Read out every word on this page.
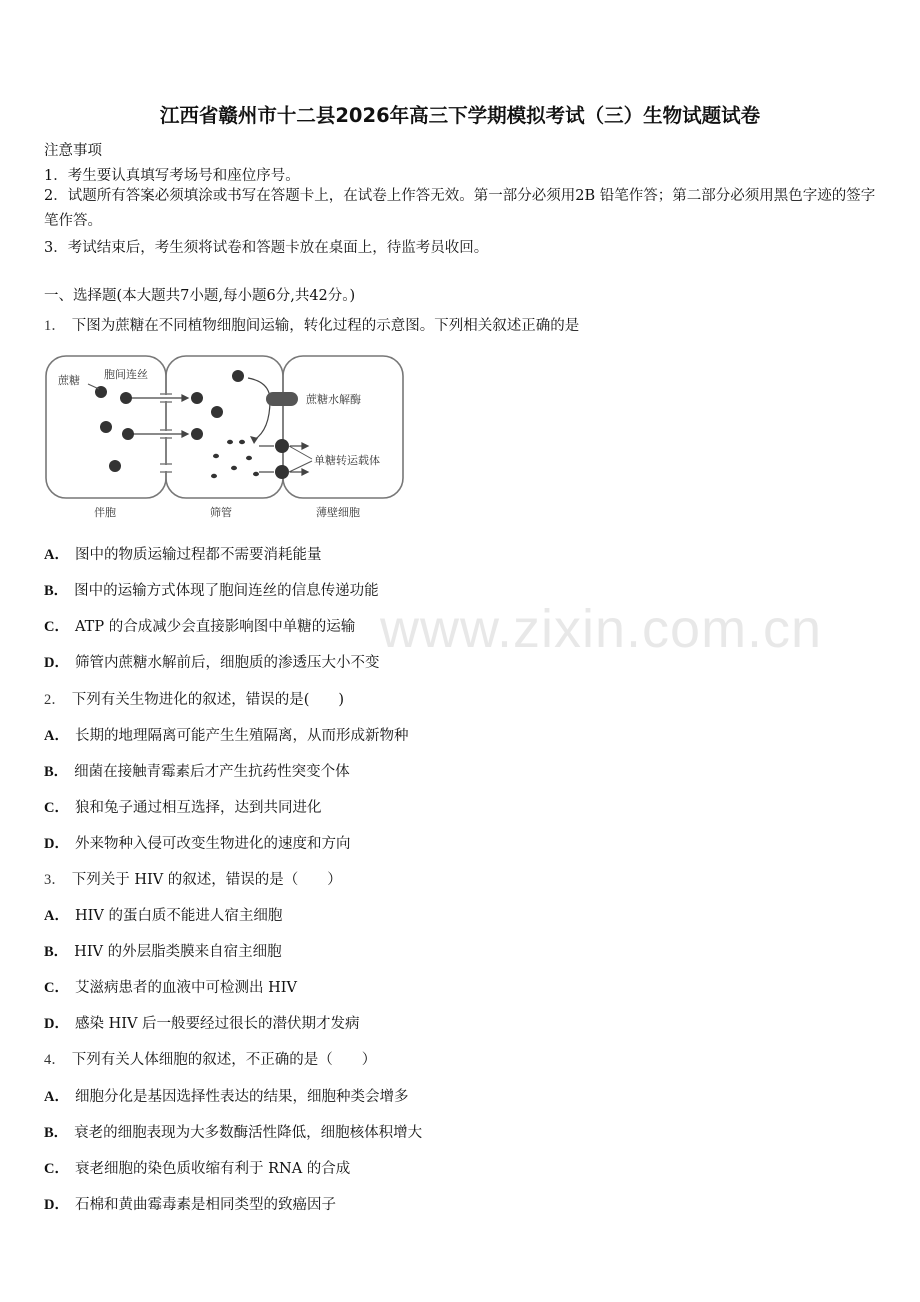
江西省赣州市十二县2026年高三下学期模拟考试（三）生物试题试卷
注意事项
1．考生要认真填写考场号和座位序号。
2．试题所有答案必须填涂或书写在答题卡上，在试卷上作答无效。第一部分必须用2B 铅笔作答；第二部分必须用黑色字迹的签字笔作答。
3．考试结束后，考生须将试卷和答题卡放在桌面上，待监考员收回。
一、选择题(本大题共7小题,每小题6分,共42分。)
1． 下图为蔗糖在不同植物细胞间运输，转化过程的示意图。下列相关叙述正确的是
蔗糖 胞间连丝
蔗糖水解酶
单糖转运载体
伴胞	筛管	薄壁细胞
A． 图中的物质运输过程都不需要消耗能量
B． 图中的运输方式体现了胞间连丝的信息传递功能
C． ATP 的合成减少会直接影响图中单糖的运输
D． 筛管内蔗糖水解前后，细胞质的渗透压大小不变
2． 下列有关生物进化的叙述，错误的是(　　)
A． 长期的地理隔离可能产生生殖隔离，从而形成新物种
B． 细菌在接触青霉素后才产生抗药性突变个体
C． 狼和兔子通过相互选择，达到共同进化
D． 外来物种入侵可改变生物进化的速度和方向
3． 下列关于 HIV 的叙述，错误的是（　　）
A． HIV 的蛋白质不能进人宿主细胞
B． HIV 的外层脂类膜来自宿主细胞
C． 艾滋病患者的血液中可检测出 HIV
D． 感染 HIV 后一般要经过很长的潜伏期才发病
4． 下列有关人体细胞的叙述，不正确的是（　　）
A． 细胞分化是基因选择性表达的结果，细胞种类会增多
B． 衰老的细胞表现为大多数酶活性降低，细胞核体积增大
C． 衰老细胞的染色质收缩有利于 RNA 的合成
D． 石棉和黄曲霉毒素是相同类型的致癌因子
www.zixin.com.cn
